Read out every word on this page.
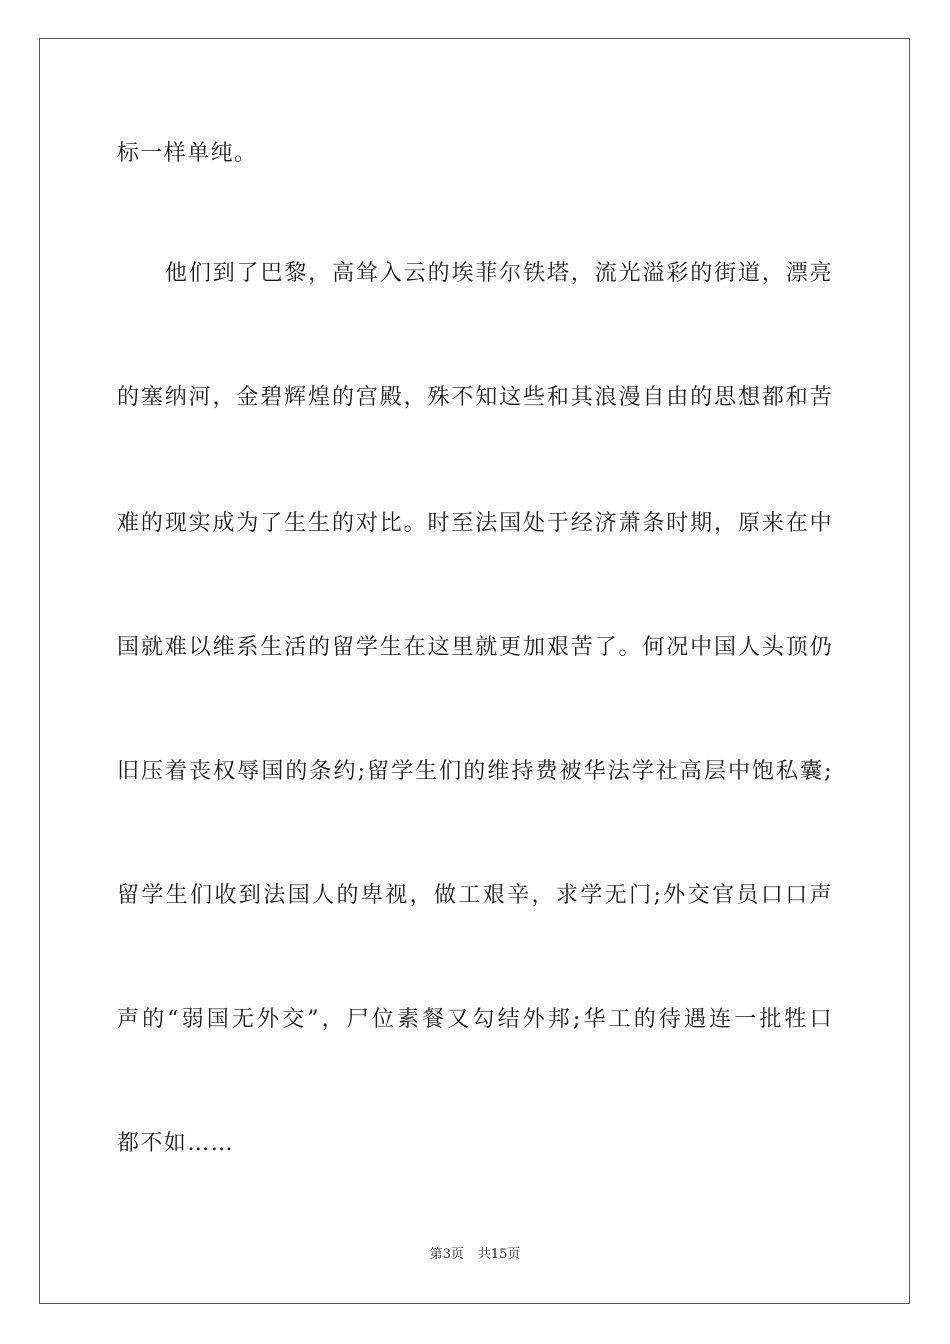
标一样单纯。
他们到了巴黎，高耸入云的埃菲尔铁塔，流光溢彩的街道，漂亮
的塞纳河，金碧辉煌的宫殿，殊不知这些和其浪漫自由的思想都和苦
难的现实成为了生生的对比。时至法国处于经济萧条时期，原来在中
国就难以维系生活的留学生在这里就更加艰苦了。何况中国人头顶仍
旧压着丧权辱国的条约;留学生们的维持费被华法学社高层中饱私囊;
留学生们收到法国人的卑视，做工艰辛，求学无门;外交官员口口声
声的“弱国无外交”，尸位素餐又勾结外邦;华工的待遇连一批牲口
都不如……
第3页 共15页
